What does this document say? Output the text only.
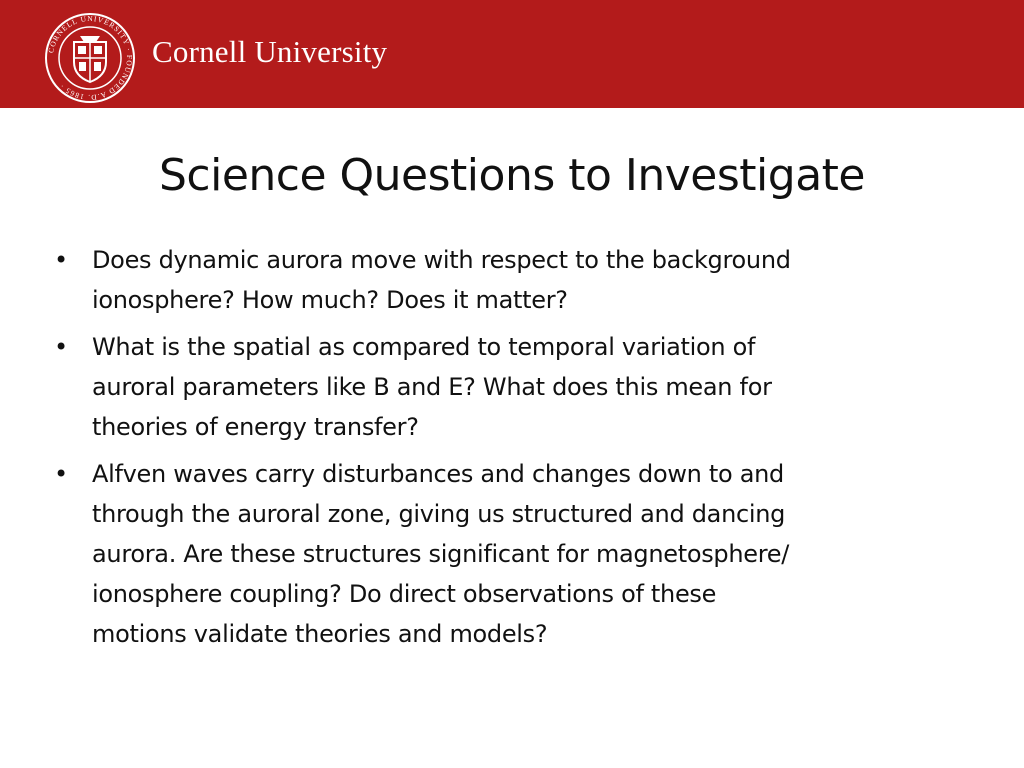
CORNELL UNIVERSITY · FOUNDED A.D. 1865 ·
Cornell University
Science Questions to Investigate
• Does dynamic aurora move with respect to the background
ionosphere? How much? Does it matter?
• What is the spatial as compared to temporal variation of
auroral parameters like B and E? What does this mean for
theories of energy transfer?
• Alfven waves carry disturbances and changes down to and
through the auroral zone, giving us structured and dancing
aurora. Are these structures significant for magnetosphere/
ionosphere coupling? Do direct observations of these
motions validate theories and models?
